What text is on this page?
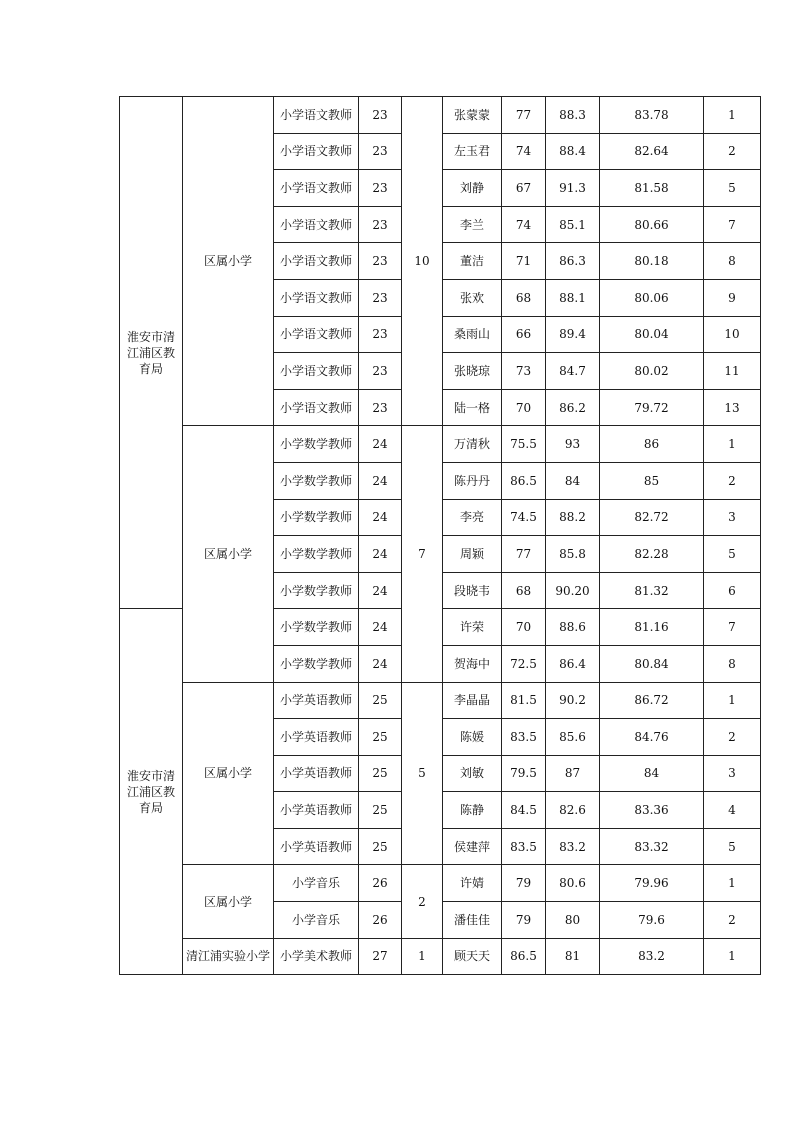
淮安市清江浦区教育局	区属小学	小学语文教师	23	10	张蒙蒙	77	88.3	83.78	1
		小学语文教师	23		左玉君	74	88.4	82.64	2
		小学语文教师	23		刘静	67	91.3	81.58	5
		小学语文教师	23		李兰	74	85.1	80.66	7
		小学语文教师	23		董洁	71	86.3	80.18	8
		小学语文教师	23		张欢	68	88.1	80.06	9
		小学语文教师	23		桑雨山	66	89.4	80.04	10
		小学语文教师	23		张晓琼	73	84.7	80.02	11
		小学语文教师	23		陆一格	70	86.2	79.72	13
	区属小学	小学数学教师	24	7	万清秋	75.5	93	86	1
		小学数学教师	24		陈丹丹	86.5	84	85	2
		小学数学教师	24		李亮	74.5	88.2	82.72	3
		小学数学教师	24		周颖	77	85.8	82.28	5
		小学数学教师	24		段晓韦	68	90.20	81.32	6
淮安市清江浦区教育局		小学数学教师	24		许荣	70	88.6	81.16	7
		小学数学教师	24		贺海中	72.5	86.4	80.84	8
	区属小学	小学英语教师	25	5	李晶晶	81.5	90.2	86.72	1
		小学英语教师	25		陈媛	83.5	85.6	84.76	2
		小学英语教师	25		刘敏	79.5	87	84	3
		小学英语教师	25		陈静	84.5	82.6	83.36	4
		小学英语教师	25		侯建萍	83.5	83.2	83.32	5
	区属小学	小学音乐	26	2	许婧	79	80.6	79.96	1
		小学音乐	26		潘佳佳	79	80	79.6	2
	清江浦实验小学	小学美术教师	27	1	顾天天	86.5	81	83.2	1
